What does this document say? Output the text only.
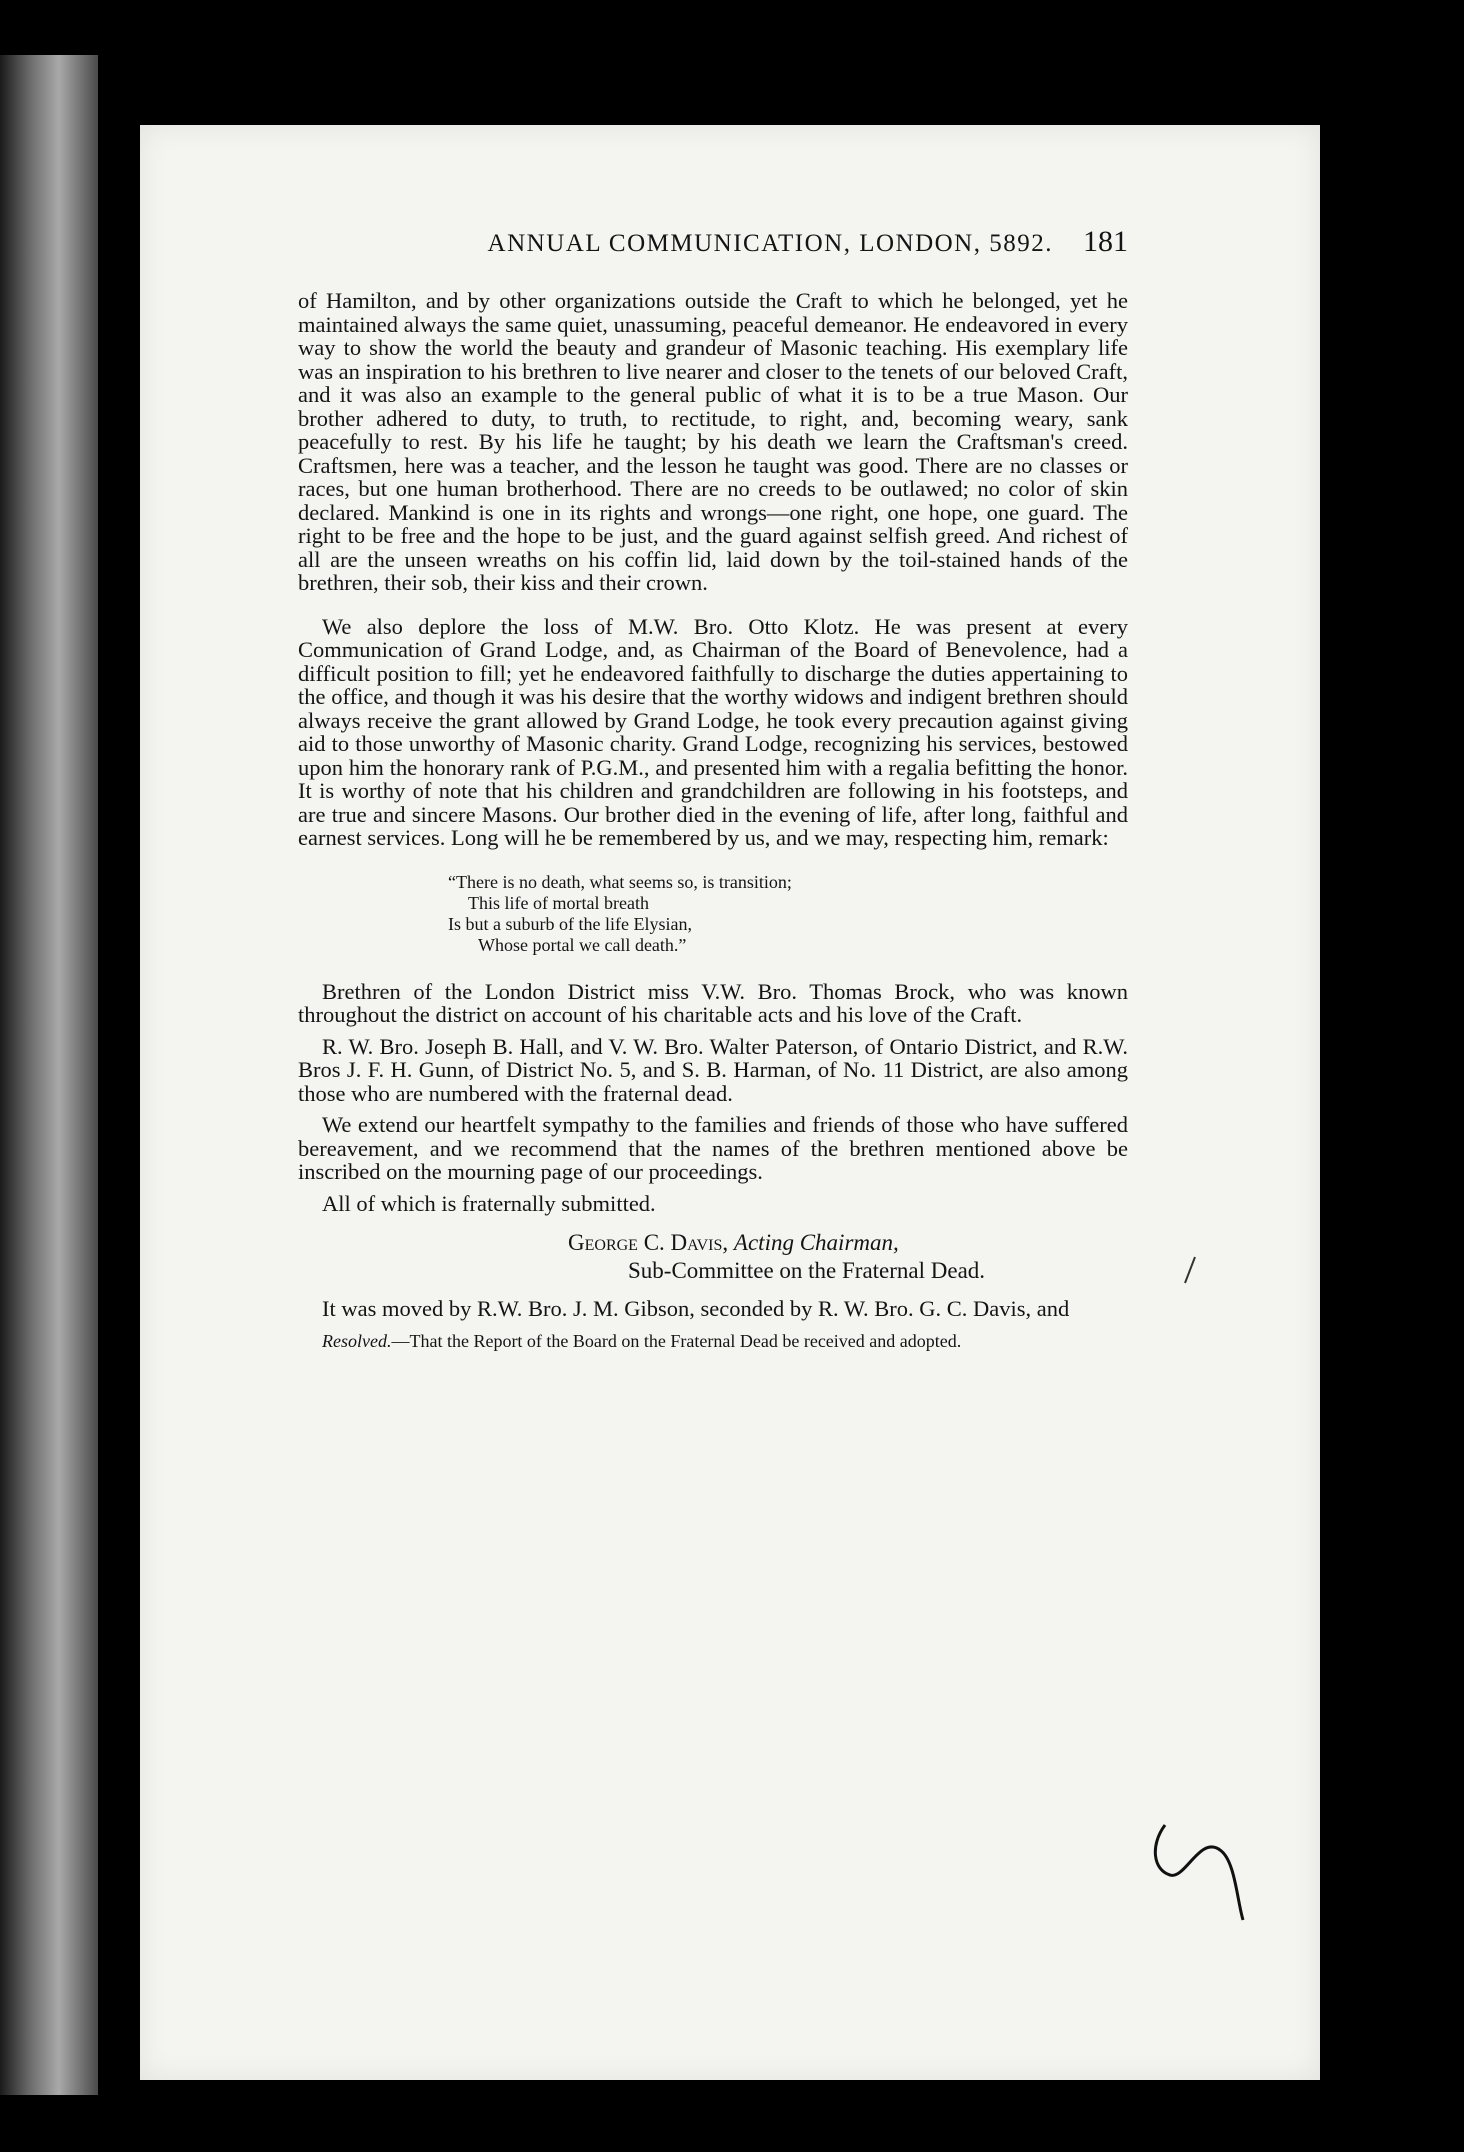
ANNUAL COMMUNICATION, LONDON, 5892. 181

of Hamilton, and by other organizations outside the Craft to which he belonged, yet he maintained always the same quiet, unassuming, peaceful demeanor. He endeavored in every way to show the world the beauty and grandeur of Masonic teaching. His exemplary life was an inspiration to his brethren to live nearer and closer to the tenets of our beloved Craft, and it was also an example to the general public of what it is to be a true Mason. Our brother adhered to duty, to truth, to rectitude, to right, and, becoming weary, sank peacefully to rest. By his life he taught; by his death we learn the Craftsman's creed. Craftsmen, here was a teacher, and the lesson he taught was good. There are no classes or races, but one human brotherhood. There are no creeds to be outlawed; no color of skin declared. Mankind is one in its rights and wrongs—one right, one hope, one guard. The right to be free and the hope to be just, and the guard against selfish greed. And richest of all are the unseen wreaths on his coffin lid, laid down by the toil-stained hands of the brethren, their sob, their kiss and their crown.

We also deplore the loss of M.W. Bro. Otto Klotz. He was present at every Communication of Grand Lodge, and, as Chairman of the Board of Benevolence, had a difficult position to fill; yet he endeavored faithfully to discharge the duties appertaining to the office, and though it was his desire that the worthy widows and indigent brethren should always receive the grant allowed by Grand Lodge, he took every precaution against giving aid to those unworthy of Masonic charity. Grand Lodge, recognizing his services, bestowed upon him the honorary rank of P.G.M., and presented him with a regalia befitting the honor. It is worthy of note that his children and grandchildren are following in his footsteps, and are true and sincere Masons. Our brother died in the evening of life, after long, faithful and earnest services. Long will he be remembered by us, and we may, respecting him, remark:

“There is no death, what seems so, is transition;
This life of mortal breath
Is but a suburb of the life Elysian,
Whose portal we call death.”

Brethren of the London District miss V.W. Bro. Thomas Brock, who was known throughout the district on account of his charitable acts and his love of the Craft.

R. W. Bro. Joseph B. Hall, and V. W. Bro. Walter Paterson, of Ontario District, and R.W. Bros J. F. H. Gunn, of District No. 5, and S. B. Harman, of No. 11 District, are also among those who are numbered with the fraternal dead.

We extend our heartfelt sympathy to the families and friends of those who have suffered bereavement, and we recommend that the names of the brethren mentioned above be inscribed on the mourning page of our proceedings.

All of which is fraternally submitted.

George C. Davis, Acting Chairman,
Sub-Committee on the Fraternal Dead.

It was moved by R.W. Bro. J. M. Gibson, seconded by R. W. Bro. G. C. Davis, and

Resolved.—That the Report of the Board on the Fraternal Dead be received and adopted.
